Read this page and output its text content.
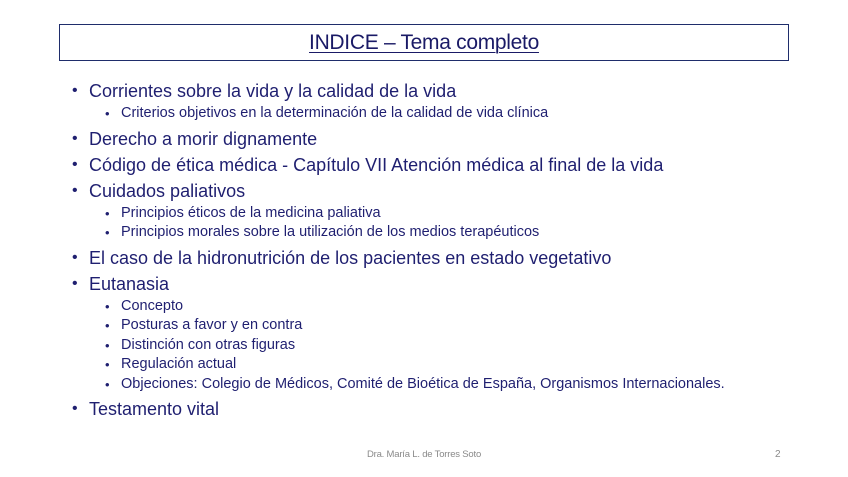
INDICE – Tema completo
• Corrientes sobre la vida y la calidad de la vida
• Criterios objetivos en la determinación de la calidad de vida clínica
• Derecho a morir dignamente
• Código de ética médica - Capítulo VII Atención médica al final de la vida
• Cuidados paliativos
• Principios éticos de la medicina paliativa
• Principios morales sobre la utilización de los medios terapéuticos
• El caso de la hidronutrición de los pacientes en estado vegetativo
• Eutanasia
• Concepto
• Posturas a favor y en contra
• Distinción con otras figuras
• Regulación actual
• Objeciones: Colegio de Médicos, Comité de Bioética de España, Organismos Internacionales.
• Testamento vital
Dra. María L. de Torres Soto	2
